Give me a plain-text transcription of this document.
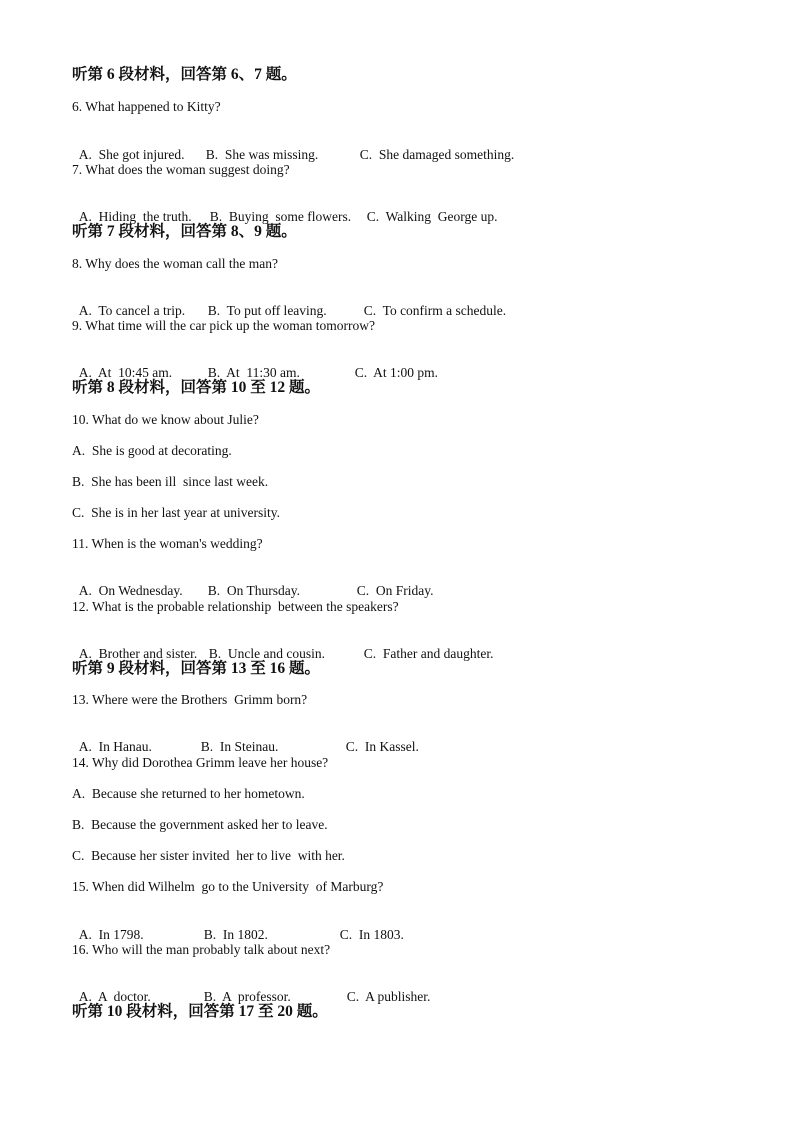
听第 6 段材料，回答第 6、7 题。
6. What happened to Kitty?

A.  She got injured. B.  She was missing.	C.  She damaged something.

7. What does the woman suggest doing?

A.  Hiding  the truth. B.  Buying  some flowers. C.  Walking  George up.

听第 7 段材料，回答第 8、9 题。
8. Why does the woman call the man?

A.  To cancel a trip. B.  To put off leaving.	C.  To confirm a schedule.

9. What time will the car pick up the woman tomorrow?

A.  At  10:45 am.	B.  At  11:30 am.	C.  At 1:00 pm.

听第 8 段材料，回答第 10 至 12 题。
10. What do we know about Julie?
A.  She is good at decorating.
B.  She has been ill  since last week.
C.  She is in her last year at university.
11. When is the woman's wedding?

A.  On Wednesday. B.  On Thursday.	C.  On Friday.

12. What is the probable relationship  between the speakers?

A.  Brother and sister. B.  Uncle and cousin.	C.  Father and daughter.

听第 9 段材料，回答第 13 至 16 题。
13. Where were the Brothers  Grimm born?

A.  In Hanau.	B.  In Steinau.	C.  In Kassel.

14. Why did Dorothea Grimm leave her house?
A.  Because she returned to her hometown.
B.  Because the government asked her to leave.
C.  Because her sister invited  her to live  with her.
15. When did Wilhelm  go to the University  of Marburg?

A.  In 1798.	B.  In 1802.	C.  In 1803.

16. Who will the man probably talk about next?

A.  A  doctor.	B.  A  professor.	C.  A publisher.

听第 10 段材料，回答第 17 至 20 题。
